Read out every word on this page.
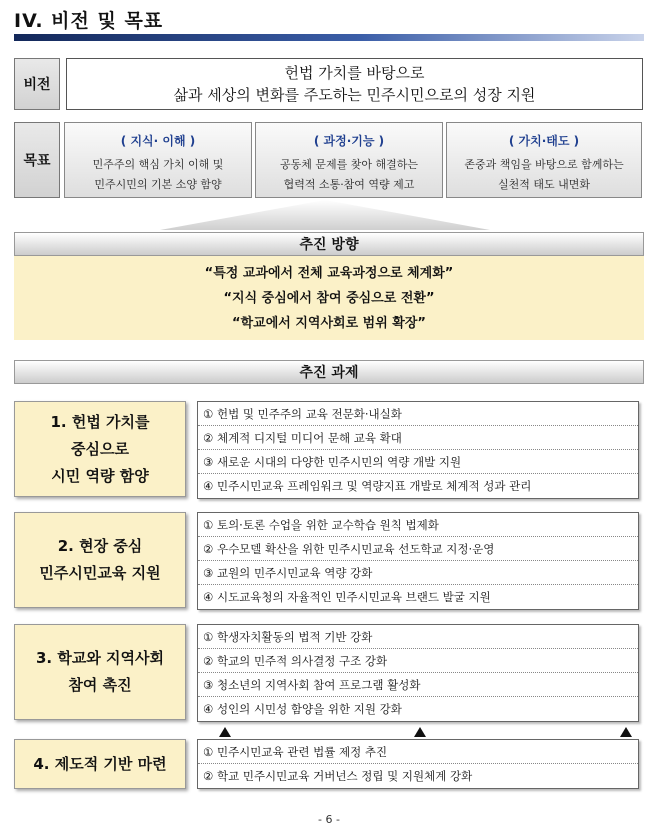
IV. 비전 및 목표
비전
헌법 가치를 바탕으로
삶과 세상의 변화를 주도하는 민주시민으로의 성장 지원
목표
( 지식· 이해 )
민주주의 핵심 가치 이해 및
민주시민의 기본 소양 함양
( 과정·기능 )
공동체 문제를 찾아 해결하는
협력적 소통·참여 역량 제고
( 가치·태도 )
존중과 책임을 바탕으로 함께하는
실천적 태도 내면화
추진 방향
“특정 교과에서 전체 교육과정으로 체계화”
“지식 중심에서 참여 중심으로 전환”
“학교에서 지역사회로 범위 확장”
추진 과제
1. 헌법 가치를
중심으로
시민 역량 함양
① 헌법 및 민주주의 교육 전문화·내실화
② 체계적 디지털 미디어 문해 교육 확대
③ 새로운 시대의 다양한 민주시민의 역량 개발 지원
④ 민주시민교육 프레임워크 및 역량지표 개발로 체계적 성과 관리
2. 현장 중심
민주시민교육 지원
① 토의·토론 수업을 위한 교수학습 원칙 법제화
② 우수모델 확산을 위한 민주시민교육 선도학교 지정·운영
③ 교원의 민주시민교육 역량 강화
④ 시도교육청의 자율적인 민주시민교육 브랜드 발굴 지원
3. 학교와 지역사회
참여 촉진
① 학생자치활동의 법적 기반 강화
② 학교의 민주적 의사결정 구조 강화
③ 청소년의 지역사회 참여 프로그램 활성화
④ 성인의 시민성 함양을 위한 지원 강화
4. 제도적 기반 마련
① 민주시민교육 관련 법률 제정 추진
② 학교 민주시민교육 거버넌스 정립 및 지원체계 강화
- 6 -
